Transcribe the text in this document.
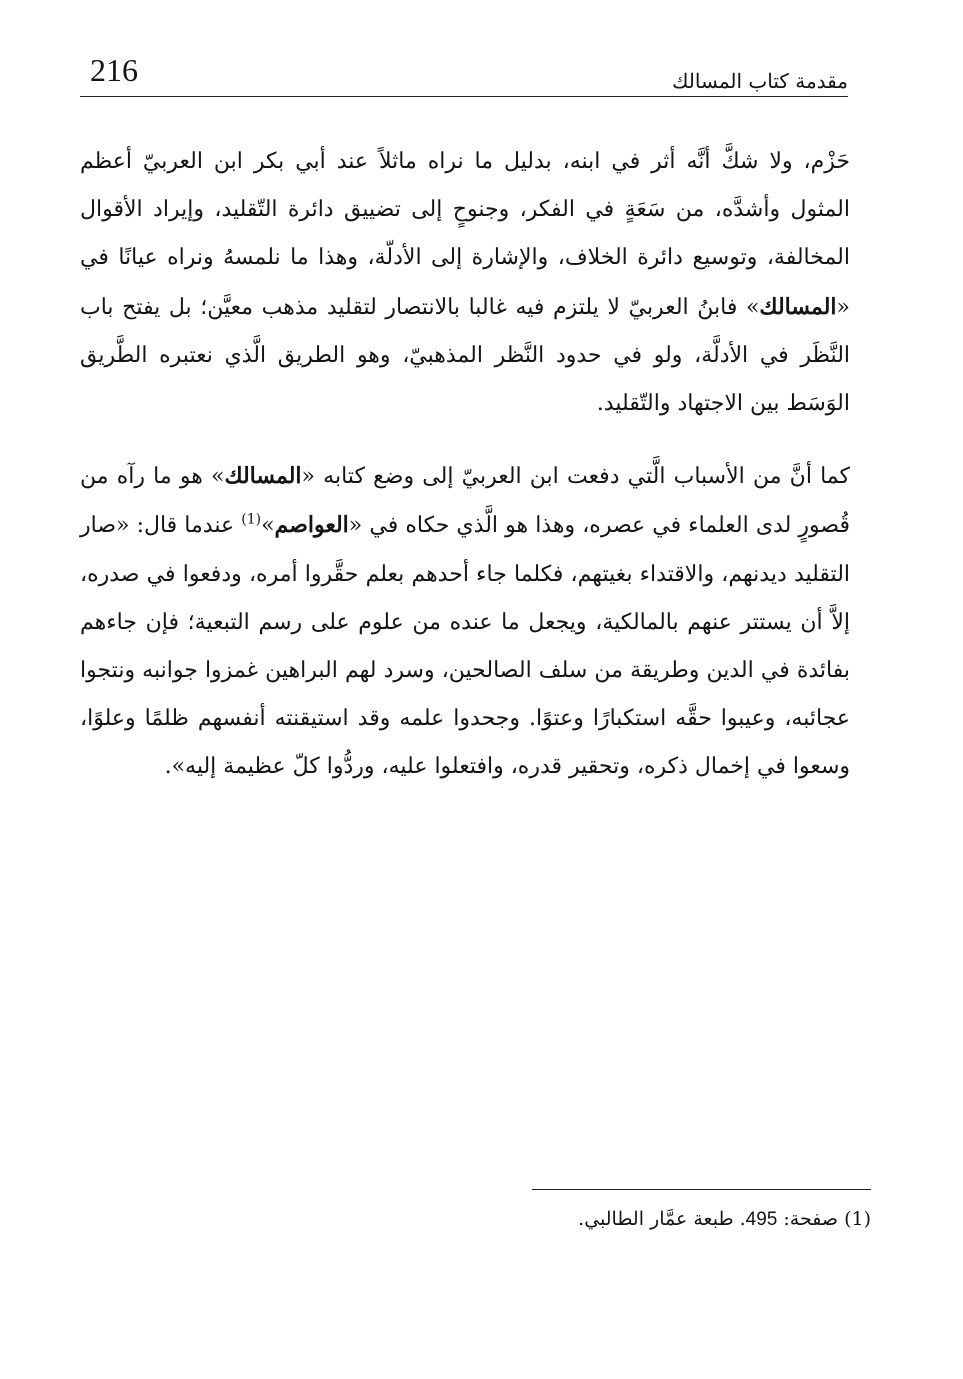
216	مقدمة كتاب المسالك

حَزْم، ولا شكَّ أنَّه أثر في ابنه، بدليل ما نراه ماثلاً عند أبي بكر ابن العربيّ أعظم المثول وأشدَّه، من سَعَةٍ في الفكر، وجنوحٍ إلى تضييق دائرة التّقليد، وإيراد الأقوال المخالفة، وتوسيع دائرة الخلاف، والإشارة إلى الأدلّة، وهذا ما نلمسهُ ونراه عيانًا في «المسالك» فابنُ العربيّ لا يلتزم فيه غالبا بالانتصار لتقليد مذهب معيَّن؛ بل يفتح باب النَّظَر في الأدلَّة، ولو في حدود النَّظر المذهبيّ، وهو الطريق الَّذي نعتبره الطَّريق الوَسَط بين الاجتهاد والتّقليد.

كما أنَّ من الأسباب الَّتي دفعت ابن العربيّ إلى وضع كتابه «المسالك» هو ما رآه من قُصورٍ لدى العلماء في عصره، وهذا هو الَّذي حكاه في «العواصم»$^{(1)}$ عندما قال: «صار التقليد ديدنهم، والاقتداء بغيتهم، فكلما جاء أحدهم بعلم حقَّروا أمره، ودفعوا في صدره، إلاَّ أن يستتر عنهم بالمالكية، ويجعل ما عنده من علوم على رسم التبعية؛ فإن جاءهم بفائدة في الدين وطريقة من سلف الصالحين، وسرد لهم البراهين غمزوا جوانبه ونتجوا عجائبه، وعيبوا حقَّه استكبارًا وعتوًا. وجحدوا علمه وقد استيقنته أنفسهم ظلمًا وعلوًا، وسعوا في إخمال ذكره، وتحقير قدره، وافتعلوا عليه، وردُّوا كلّ عظيمة إليه».

(1) صفحة: 495. طبعة عمَّار الطالبي.
